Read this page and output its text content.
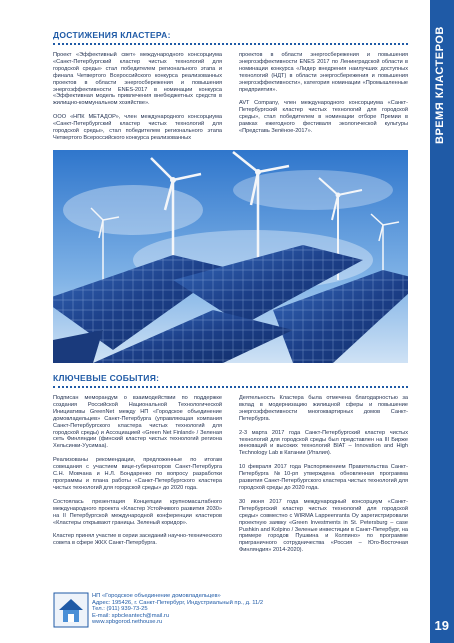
ВРЕМЯ КЛАСТЕРОВ
19
ДОСТИЖЕНИЯ КЛАСТЕРА:

Проект «Эффективный свет» международного консорциума «Санкт-Петербургский кластер чистых технологий для городской среды» стал победителем регионального этапа и финала Четвертого Всероссийского конкурса реализованных проектов в области энергосбережения и повышения энергоэффективности ENES-2017 в номинации конкурса «Эффективная модель привлечения внебюджетных средств в жилищно-коммунальном хозяйстве».

ООО «НПК МЕТАДОР», член международного консорциума «Санкт-Петербургский кластер чистых технологий для городской среды», стал победителем регионального этапа Четвертого Всероссийского конкурса реализованных

проектов в области энергосбережения и повышения энергоэффективности ENES 2017 по Ленинградской области в номинации конкурса «Лидер внедрения наилучших доступных технологий (НДТ) в области энергосбережения и повышения энергоэффективности», категория номинации «Промышленные предприятия».

AVT Company, член международного консорциума «Санкт-Петербургский кластер чистых технологий для городской среды», стал победителем в номинации отборе Премии в рамках ежегодного фестиваля экологической культуры «Представь Зелёное-2017».

КЛЮЧЕВЫЕ СОБЫТИЯ:

Подписан меморандум о взаимодействии по поддержке создания Российской Национальной Технологической Инициативы GreenNet между НП «Городское объединение домовладельцев» Санкт-Петербурга (управляющая компания Санкт-Петербургского кластера чистых технологий для городской среды) и Ассоциацией «Green Net Finland» / Зеленая сеть Финляндии (финский кластер чистых технологий региона Хельсинки-Уусимаа).

Реализованы рекомендации, предложенные по итогам совещания с участием вице-губернаторов Санкт-Петербурга С.Н. Мовчана и Н.Л. Бондаренко по вопросу разработки программы и плана работы «Санкт-Петербургского кластера чистых технологий для городской среды» до 2020 года.

Состоялась презентация Концепции крупномасштабного международного проекта «Кластер Устойчивого развития 2030» на II Петербургской международной конференции кластеров «Кластеры открывают границы. Зеленый коридор».

Кластер принял участие в серии заседаний научно-технического совета в сфере ЖКХ Санкт-Петербурга.

Деятельность Кластера была отмечена благодарностью за вклад в модернизацию жилищной сферы и повышение энергоэффективности многоквартирных домов Санкт-Петербурга.

2-3 марта 2017 года Санкт-Петербургский кластер чистых технологий для городской среды был представлен на III Бирже инноваций и высоких технологий BIAT – Innovation and High Technology Lab в Катании (Италия).

10 февраля 2017 года Распоряжением Правительства Санкт-Петербурга №10-рп утверждена обновленная программа развития Санкт-Петербургского кластера чистых технологий для городской среды до 2020 года.

30 июня 2017 года международный консорциум «Санкт-Петербургский кластер чистых технологий для городской среды» совместно с WIRMA Lappeenranta Oy зарегистрировали проектную заявку «Green Investments in St. Petersburg – case Pushkin and Kolpino / Зеленые инвестиции в Санкт-Петербург, на примере городов Пушкина и Колпино» по программе приграничного сотрудничества «Россия – Юго-Восточная Финляндия» 2014-2020).

НП «Городское объединение домовладельцев»
Адрес: 195426, г. Санкт-Петербург, Индустриальный пр., д. 11/2
Тел.: (911) 939-73-25
E-mail: spbcleantech@mail.ru
www.spbgorod.nethouse.ru
